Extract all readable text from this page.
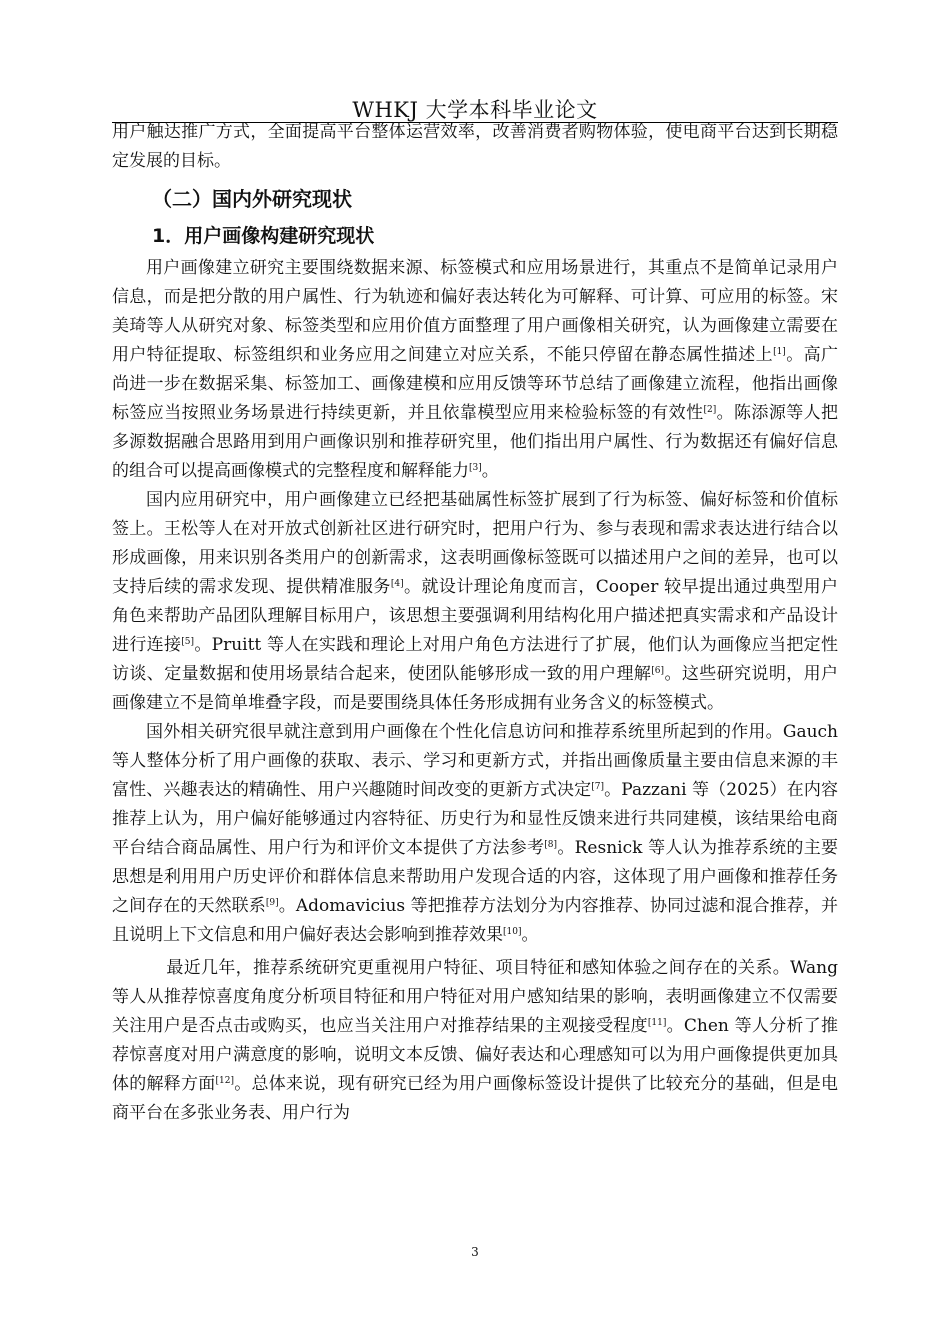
WHKJ 大学本科毕业论文

用户触达推广方式，全面提高平台整体运营效率，改善消费者购物体验，使电商平台达到长期稳定发展的目标。

（二）国内外研究现状

1．用户画像构建研究现状

用户画像建立研究主要围绕数据来源、标签模式和应用场景进行，其重点不是简单记录用户信息，而是把分散的用户属性、行为轨迹和偏好表达转化为可解释、可计算、可应用的标签。宋美琦等人从研究对象、标签类型和应用价值方面整理了用户画像相关研究，认为画像建立需要在用户特征提取、标签组织和业务应用之间建立对应关系，不能只停留在静态属性描述上[1]。高广尚进一步在数据采集、标签加工、画像建模和应用反馈等环节总结了画像建立流程，他指出画像标签应当按照业务场景进行持续更新，并且依靠模型应用来检验标签的有效性[2]。陈添源等人把多源数据融合思路用到用户画像识别和推荐研究里，他们指出用户属性、行为数据还有偏好信息的组合可以提高画像模式的完整程度和解释能力[3]。

国内应用研究中，用户画像建立已经把基础属性标签扩展到了行为标签、偏好标签和价值标签上。王松等人在对开放式创新社区进行研究时，把用户行为、参与表现和需求表达进行结合以形成画像，用来识别各类用户的创新需求，这表明画像标签既可以描述用户之间的差异，也可以支持后续的需求发现、提供精准服务[4]。就设计理论角度而言，Cooper 较早提出通过典型用户角色来帮助产品团队理解目标用户，该思想主要强调利用结构化用户描述把真实需求和产品设计进行连接[5]。Pruitt 等人在实践和理论上对用户角色方法进行了扩展，他们认为画像应当把定性访谈、定量数据和使用场景结合起来，使团队能够形成一致的用户理解[6]。这些研究说明，用户画像建立不是简单堆叠字段，而是要围绕具体任务形成拥有业务含义的标签模式。

国外相关研究很早就注意到用户画像在个性化信息访问和推荐系统里所起到的作用。Gauch 等人整体分析了用户画像的获取、表示、学习和更新方式，并指出画像质量主要由信息来源的丰富性、兴趣表达的精确性、用户兴趣随时间改变的更新方式决定[7]。Pazzani 等（2025）在内容推荐上认为，用户偏好能够通过内容特征、历史行为和显性反馈来进行共同建模，该结果给电商平台结合商品属性、用户行为和评价文本提供了方法参考[8]。Resnick 等人认为推荐系统的主要思想是利用用户历史评价和群体信息来帮助用户发现合适的内容，这体现了用户画像和推荐任务之间存在的天然联系[9]。Adomavicius 等把推荐方法划分为内容推荐、协同过滤和混合推荐，并且说明上下文信息和用户偏好表达会影响到推荐效果[10]。

最近几年，推荐系统研究更重视用户特征、项目特征和感知体验之间存在的关系。Wang 等人从推荐惊喜度角度分析项目特征和用户特征对用户感知结果的影响，表明画像建立不仅需要关注用户是否点击或购买，也应当关注用户对推荐结果的主观接受程度[11]。Chen 等人分析了推荐惊喜度对用户满意度的影响，说明文本反馈、偏好表达和心理感知可以为用户画像提供更加具体的解释方面[12]。总体来说，现有研究已经为用户画像标签设计提供了比较充分的基础，但是电商平台在多张业务表、用户行为

3
